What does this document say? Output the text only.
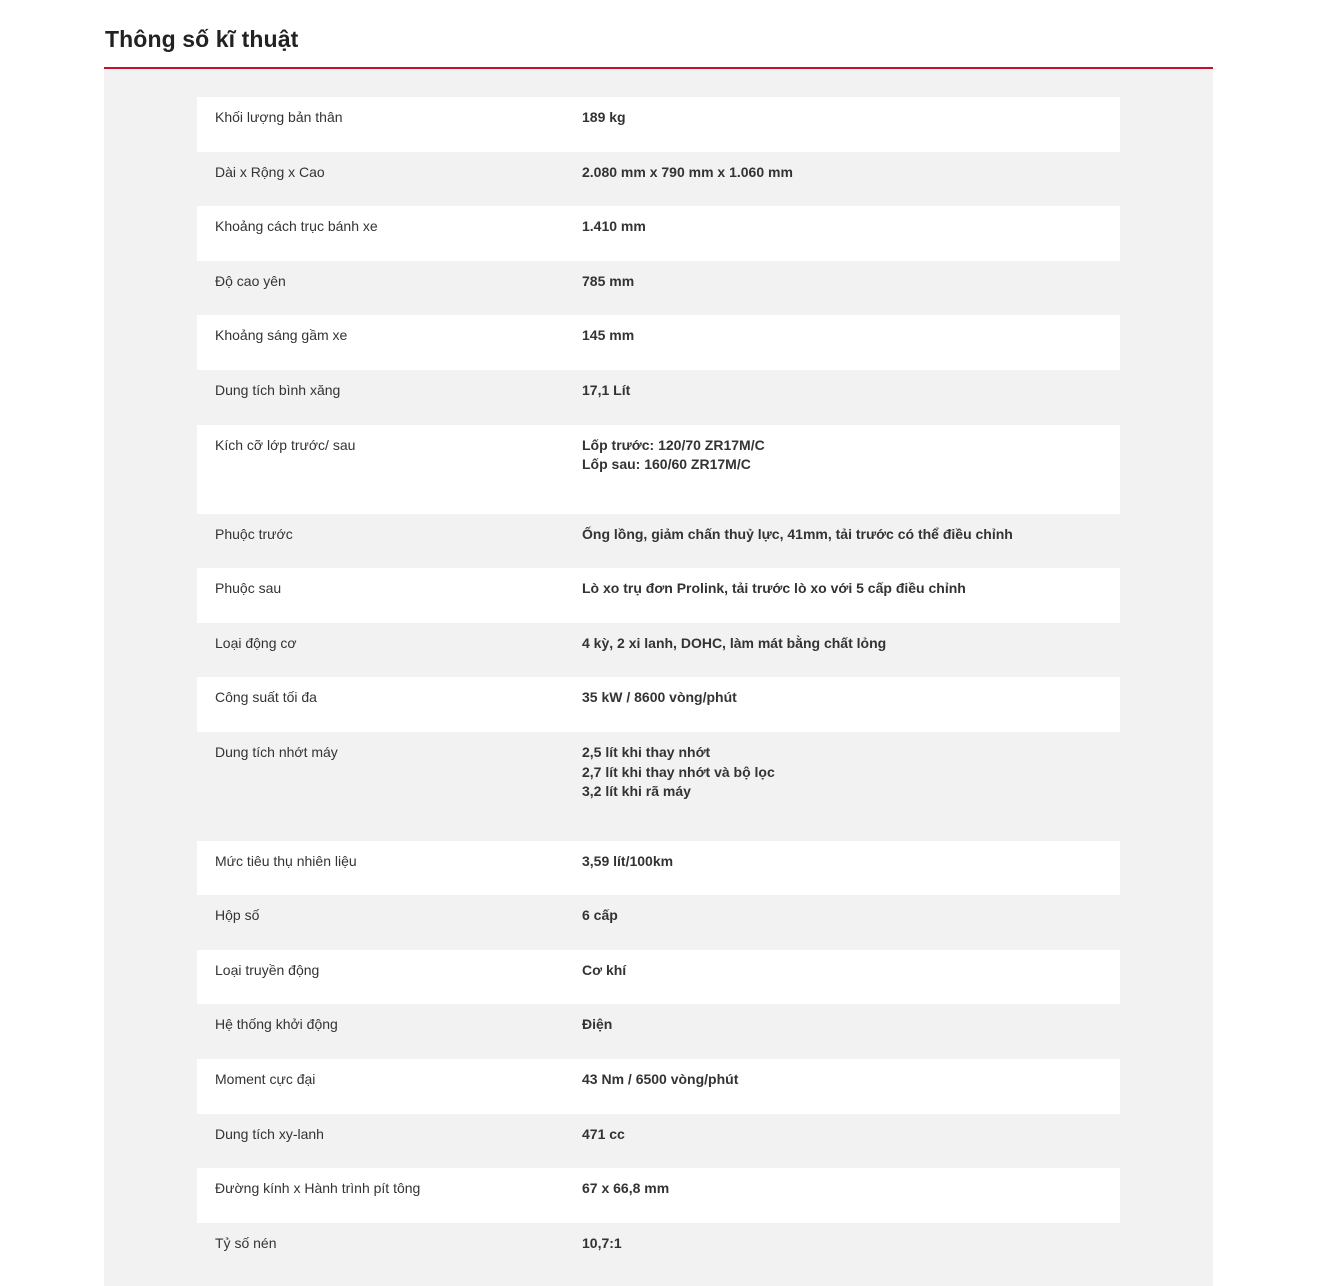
Thông số kĩ thuật
Khối lượng bản thân	189 kg
Dài x Rộng x Cao	2.080 mm x 790 mm x 1.060 mm
Khoảng cách trục bánh xe	1.410 mm
Độ cao yên	785 mm
Khoảng sáng gầm xe	145 mm
Dung tích bình xăng	17,1 Lít
Kích cỡ lớp trước/ sau	Lốp trước: 120/70 ZR17M/C
Lốp sau: 160/60 ZR17M/C
Phuộc trước	Ống lồng, giảm chấn thuỷ lực, 41mm, tải trước có thể điều chỉnh
Phuộc sau	Lò xo trụ đơn Prolink, tải trước lò xo với 5 cấp điều chỉnh
Loại động cơ	4 kỳ, 2 xi lanh, DOHC, làm mát bằng chất lỏng
Công suất tối đa	35 kW / 8600 vòng/phút
Dung tích nhớt máy	2,5 lít khi thay nhớt
2,7 lít khi thay nhớt và bộ lọc
3,2 lít khi rã máy
Mức tiêu thụ nhiên liệu	3,59 lít/100km
Hộp số	6 cấp
Loại truyền động	Cơ khí
Hệ thống khởi động	Điện
Moment cực đại	43 Nm / 6500 vòng/phút
Dung tích xy-lanh	471 cc
Đường kính x Hành trình pít tông	67 x 66,8 mm
Tỷ số nén	10,7:1
